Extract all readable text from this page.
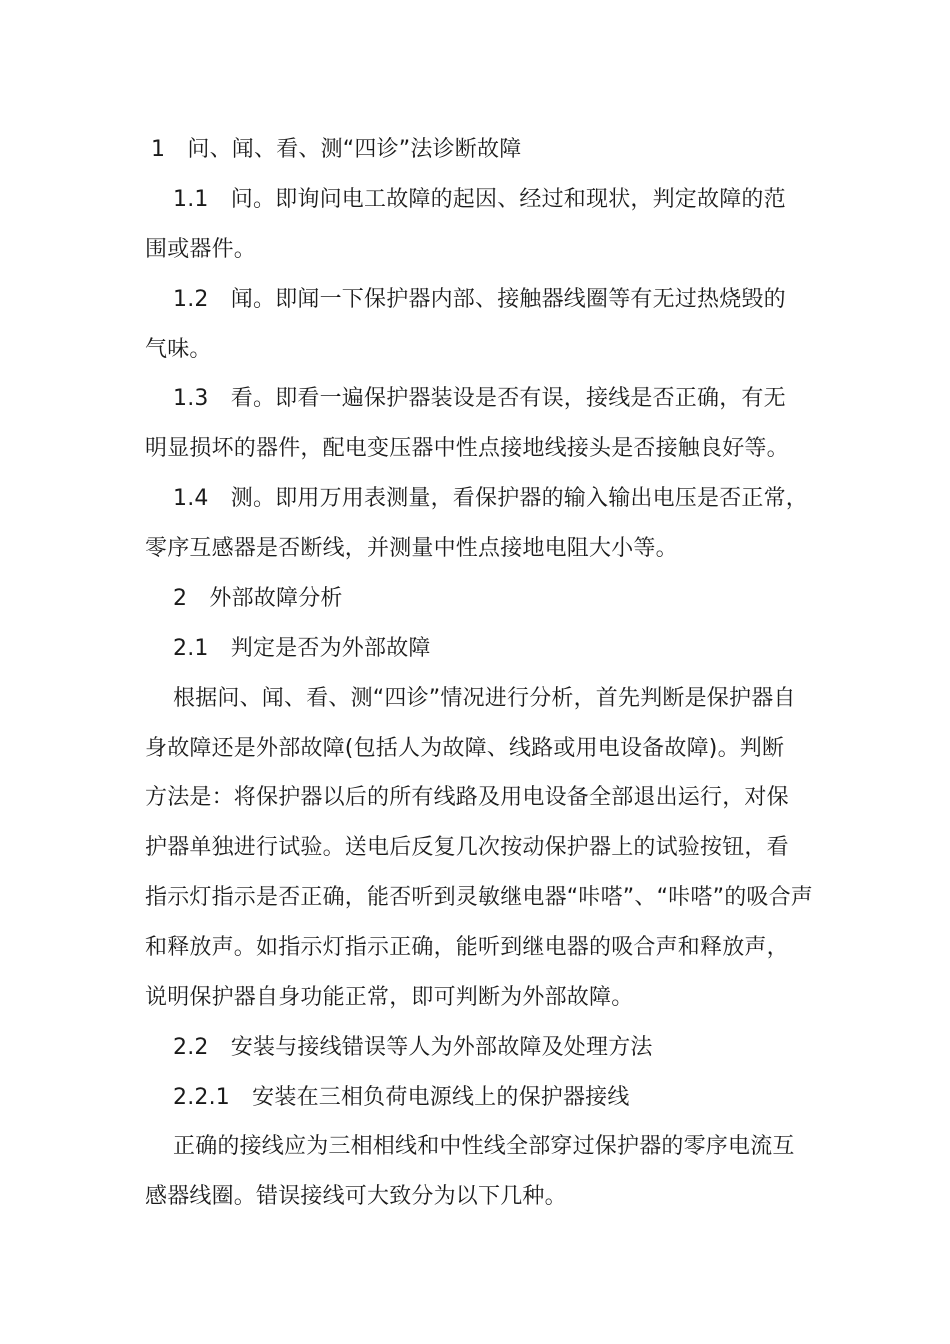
1　问、闻、看、测“四诊”法诊断故障
1.1　问。即询问电工故障的起因、经过和现状，判定故障的范
围或器件。
1.2　闻。即闻一下保护器内部、接触器线圈等有无过热烧毁的
气味。
1.3　看。即看一遍保护器装设是否有误，接线是否正确，有无
明显损坏的器件，配电变压器中性点接地线接头是否接触良好等。
1.4　测。即用万用表测量，看保护器的输入输出电压是否正常，
零序互感器是否断线，并测量中性点接地电阻大小等。
2　外部故障分析
2.1　判定是否为外部故障
根据问、闻、看、测“四诊”情况进行分析，首先判断是保护器自
身故障还是外部故障(包括人为故障、线路或用电设备故障)。判断
方法是：将保护器以后的所有线路及用电设备全部退出运行，对保
护器单独进行试验。送电后反复几次按动保护器上的试验按钮，看
指示灯指示是否正确，能否听到灵敏继电器“咔嗒”、“咔嗒”的吸合声
和释放声。如指示灯指示正确，能听到继电器的吸合声和释放声，
说明保护器自身功能正常，即可判断为外部故障。
2.2　安装与接线错误等人为外部故障及处理方法
2.2.1　安装在三相负荷电源线上的保护器接线
正确的接线应为三相相线和中性线全部穿过保护器的零序电流互
感器线圈。错误接线可大致分为以下几种。
